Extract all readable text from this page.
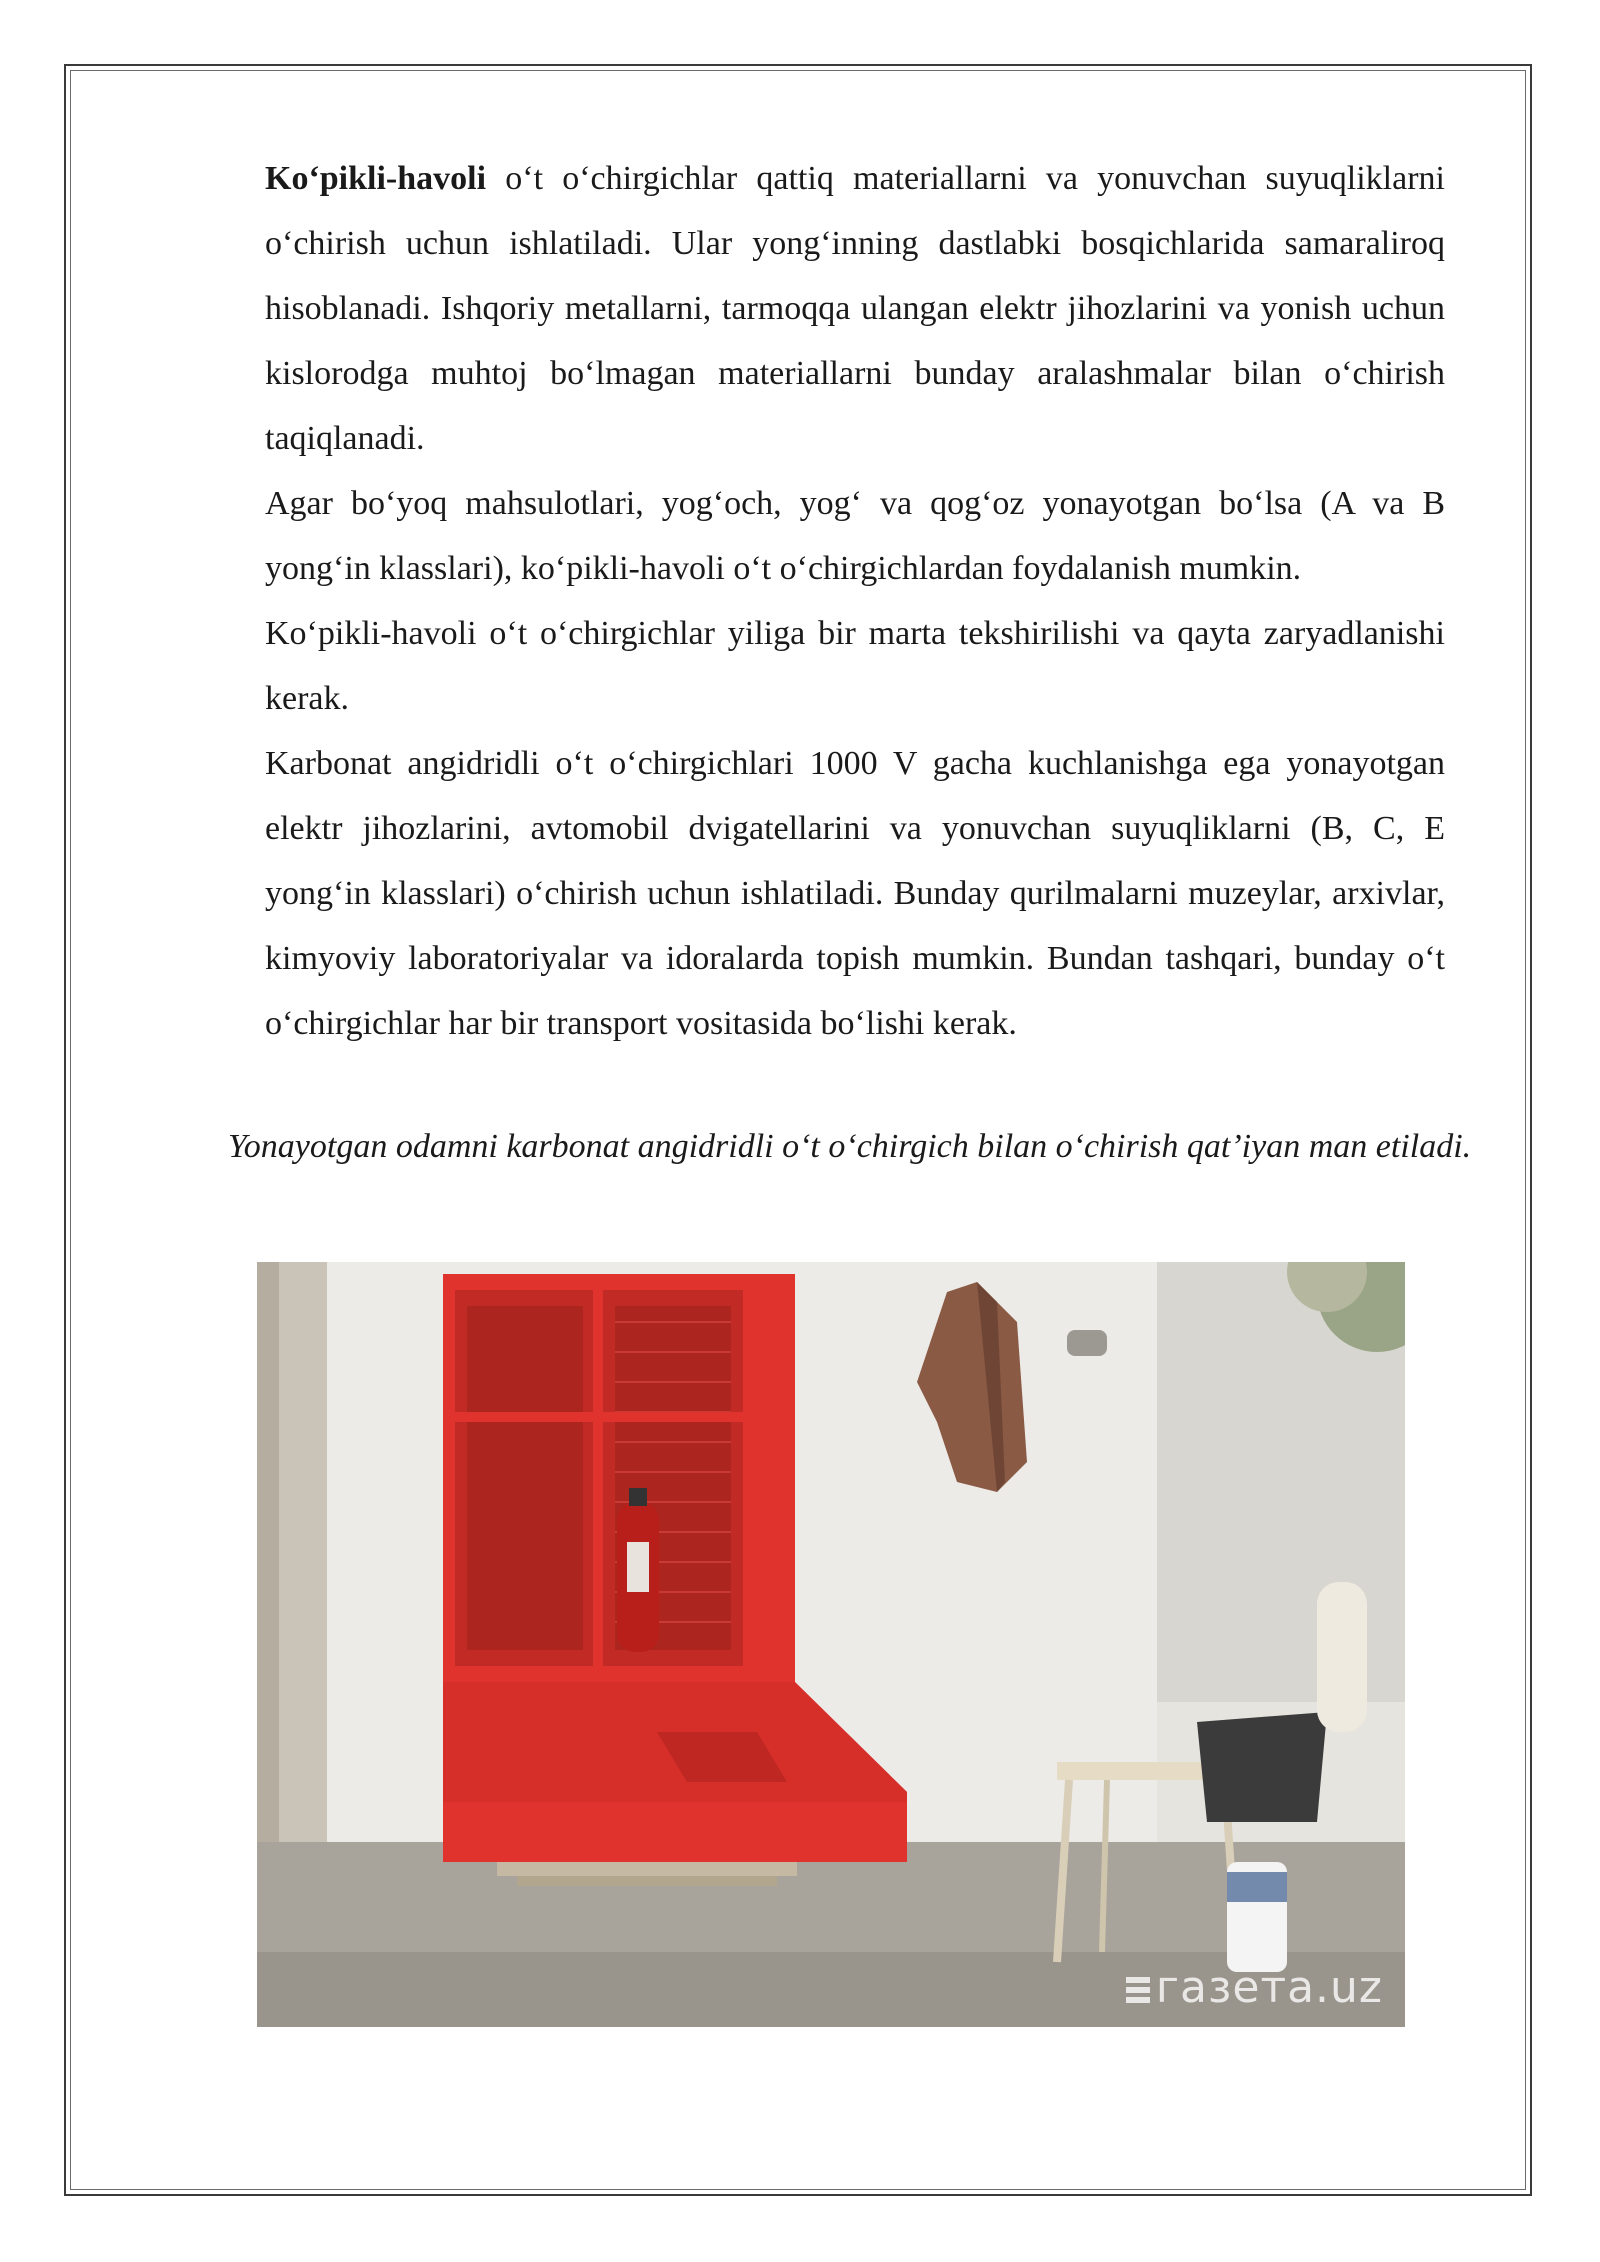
Ko‘pikli-havoli o‘t o‘chirgichlar qattiq materiallarni va yonuvchan suyuqliklarni o‘chirish uchun ishlatiladi. Ular yong‘inning dastlabki bosqichlarida samaraliroq hisoblanadi. Ishqoriy metallarni, tarmoqqa ulangan elektr jihozlarini va yonish uchun kislorodga muhtoj bo‘lmagan materiallarni bunday aralashmalar bilan o‘chirish taqiqlanadi.

Agar bo‘yoq mahsulotlari, yog‘och, yog‘ va qog‘oz yonayotgan bo‘lsa (A va B yong‘in klasslari), ko‘pikli-havoli o‘t o‘chirgichlardan foydalanish mumkin.

Ko‘pikli-havoli o‘t o‘chirgichlar yiliga bir marta tekshirilishi va qayta zaryadlanishi kerak.

Karbonat angidridli o‘t o‘chirgichlari 1000 V gacha kuchlanishga ega yonayotgan elektr jihozlarini, avtomobil dvigatellarini va yonuvchan suyuqliklarni (B, C, E yong‘in klasslari) o‘chirish uchun ishlatiladi. Bunday qurilmalarni muzeylar, arxivlar, kimyoviy laboratoriyalar va idoralarda topish mumkin. Bundan tashqari, bunday o‘t o‘chirgichlar har bir transport vositasida bo‘lishi kerak.

Yonayotgan odamni karbonat angidridli o‘t o‘chirgich bilan o‘chirish qat’iyan man etiladi.

газета.uz
